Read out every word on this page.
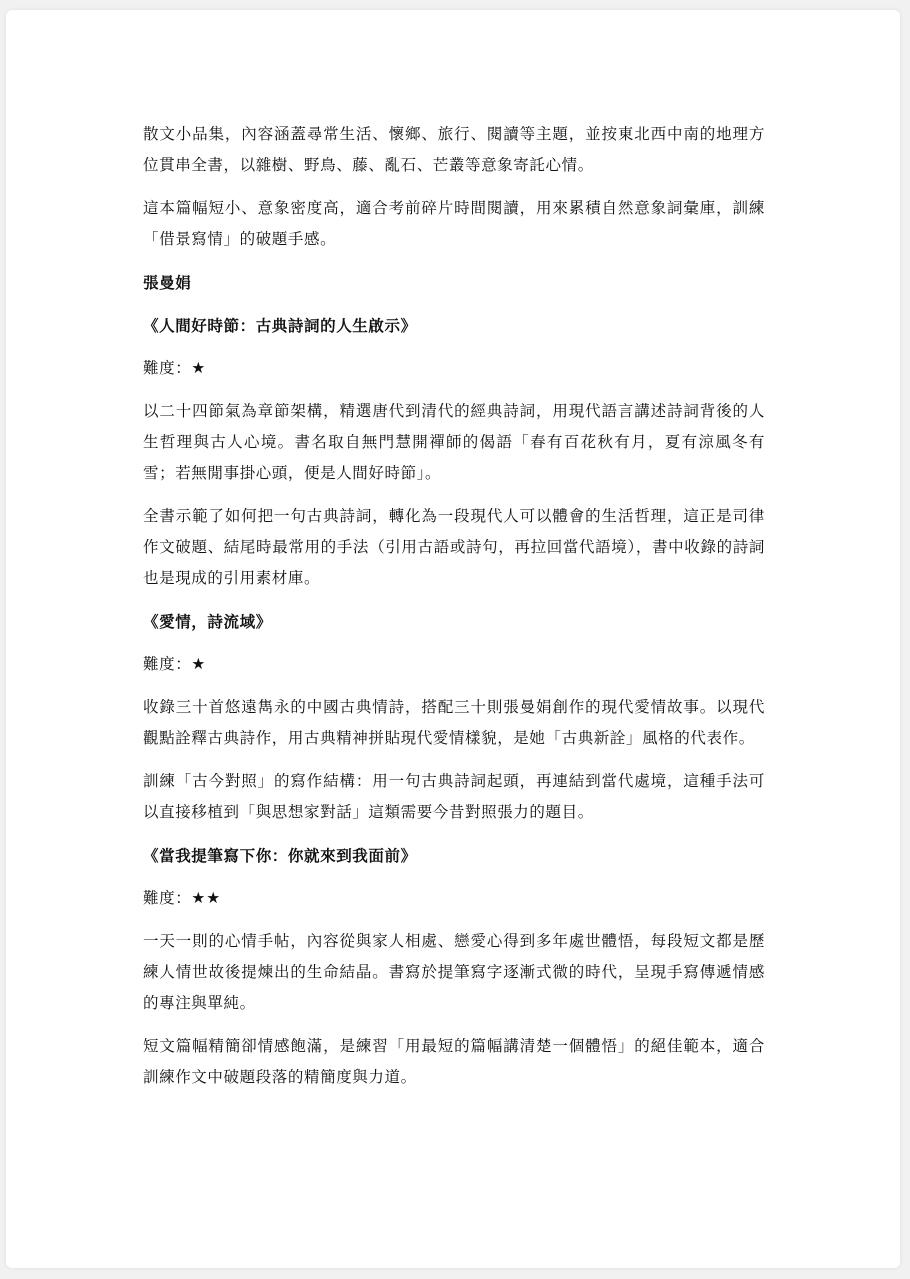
散文小品集，內容涵蓋尋常生活、懷鄉、旅行、閱讀等主題，並按東北西中南的地理方位貫串全書，以雜樹、野鳥、藤、亂石、芒叢等意象寄託心情。

這本篇幅短小、意象密度高，適合考前碎片時間閱讀，用來累積自然意象詞彙庫，訓練「借景寫情」的破題手感。

張曼娟

《人間好時節：古典詩詞的人生啟示》

難度：★

以二十四節氣為章節架構，精選唐代到清代的經典詩詞，用現代語言講述詩詞背後的人生哲理與古人心境。書名取自無門慧開禪師的偈語「春有百花秋有月，夏有涼風冬有雪；若無閒事掛心頭，便是人間好時節」。

全書示範了如何把一句古典詩詞，轉化為一段現代人可以體會的生活哲理，這正是司律作文破題、結尾時最常用的手法（引用古語或詩句，再拉回當代語境），書中收錄的詩詞也是現成的引用素材庫。

《愛情，詩流域》

難度：★

收錄三十首悠遠雋永的中國古典情詩，搭配三十則張曼娟創作的現代愛情故事。以現代觀點詮釋古典詩作，用古典精神拼貼現代愛情樣貌，是她「古典新詮」風格的代表作。

訓練「古今對照」的寫作結構：用一句古典詩詞起頭，再連結到當代處境，這種手法可以直接移植到「與思想家對話」這類需要今昔對照張力的題目。

《當我提筆寫下你：你就來到我面前》

難度：★★

一天一則的心情手帖，內容從與家人相處、戀愛心得到多年處世體悟，每段短文都是歷練人情世故後提煉出的生命結晶。書寫於提筆寫字逐漸式微的時代，呈現手寫傳遞情感的專注與單純。

短文篇幅精簡卻情感飽滿，是練習「用最短的篇幅講清楚一個體悟」的絕佳範本，適合訓練作文中破題段落的精簡度與力道。
